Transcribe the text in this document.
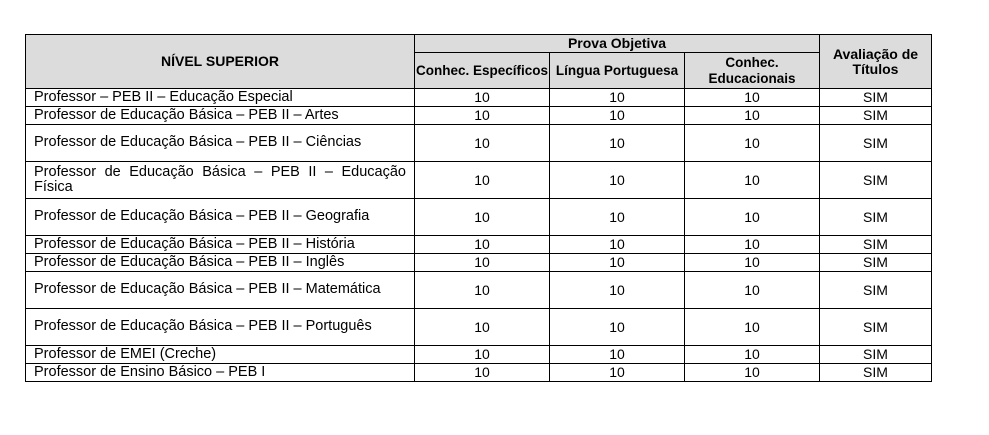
NÍVEL SUPERIOR	Prova Objetiva			Avaliação de Títulos
	Conhec. Específicos	Língua Portuguesa	Conhec. Educacionais	
Professor – PEB II – Educação Especial	10	10	10	SIM
Professor de Educação Básica – PEB II – Artes	10	10	10	SIM
Professor de Educação Básica – PEB II – Ciências	10	10	10	SIM
Professor de Educação Básica – PEB II – Educação Física	10	10	10	SIM
Professor de Educação Básica – PEB II – Geografia	10	10	10	SIM
Professor de Educação Básica – PEB II – História	10	10	10	SIM
Professor de Educação Básica – PEB II – Inglês	10	10	10	SIM
Professor de Educação Básica – PEB II – Matemática	10	10	10	SIM
Professor de Educação Básica – PEB II – Português	10	10	10	SIM
Professor de EMEI (Creche)	10	10	10	SIM
Professor de Ensino Básico – PEB I	10	10	10	SIM
